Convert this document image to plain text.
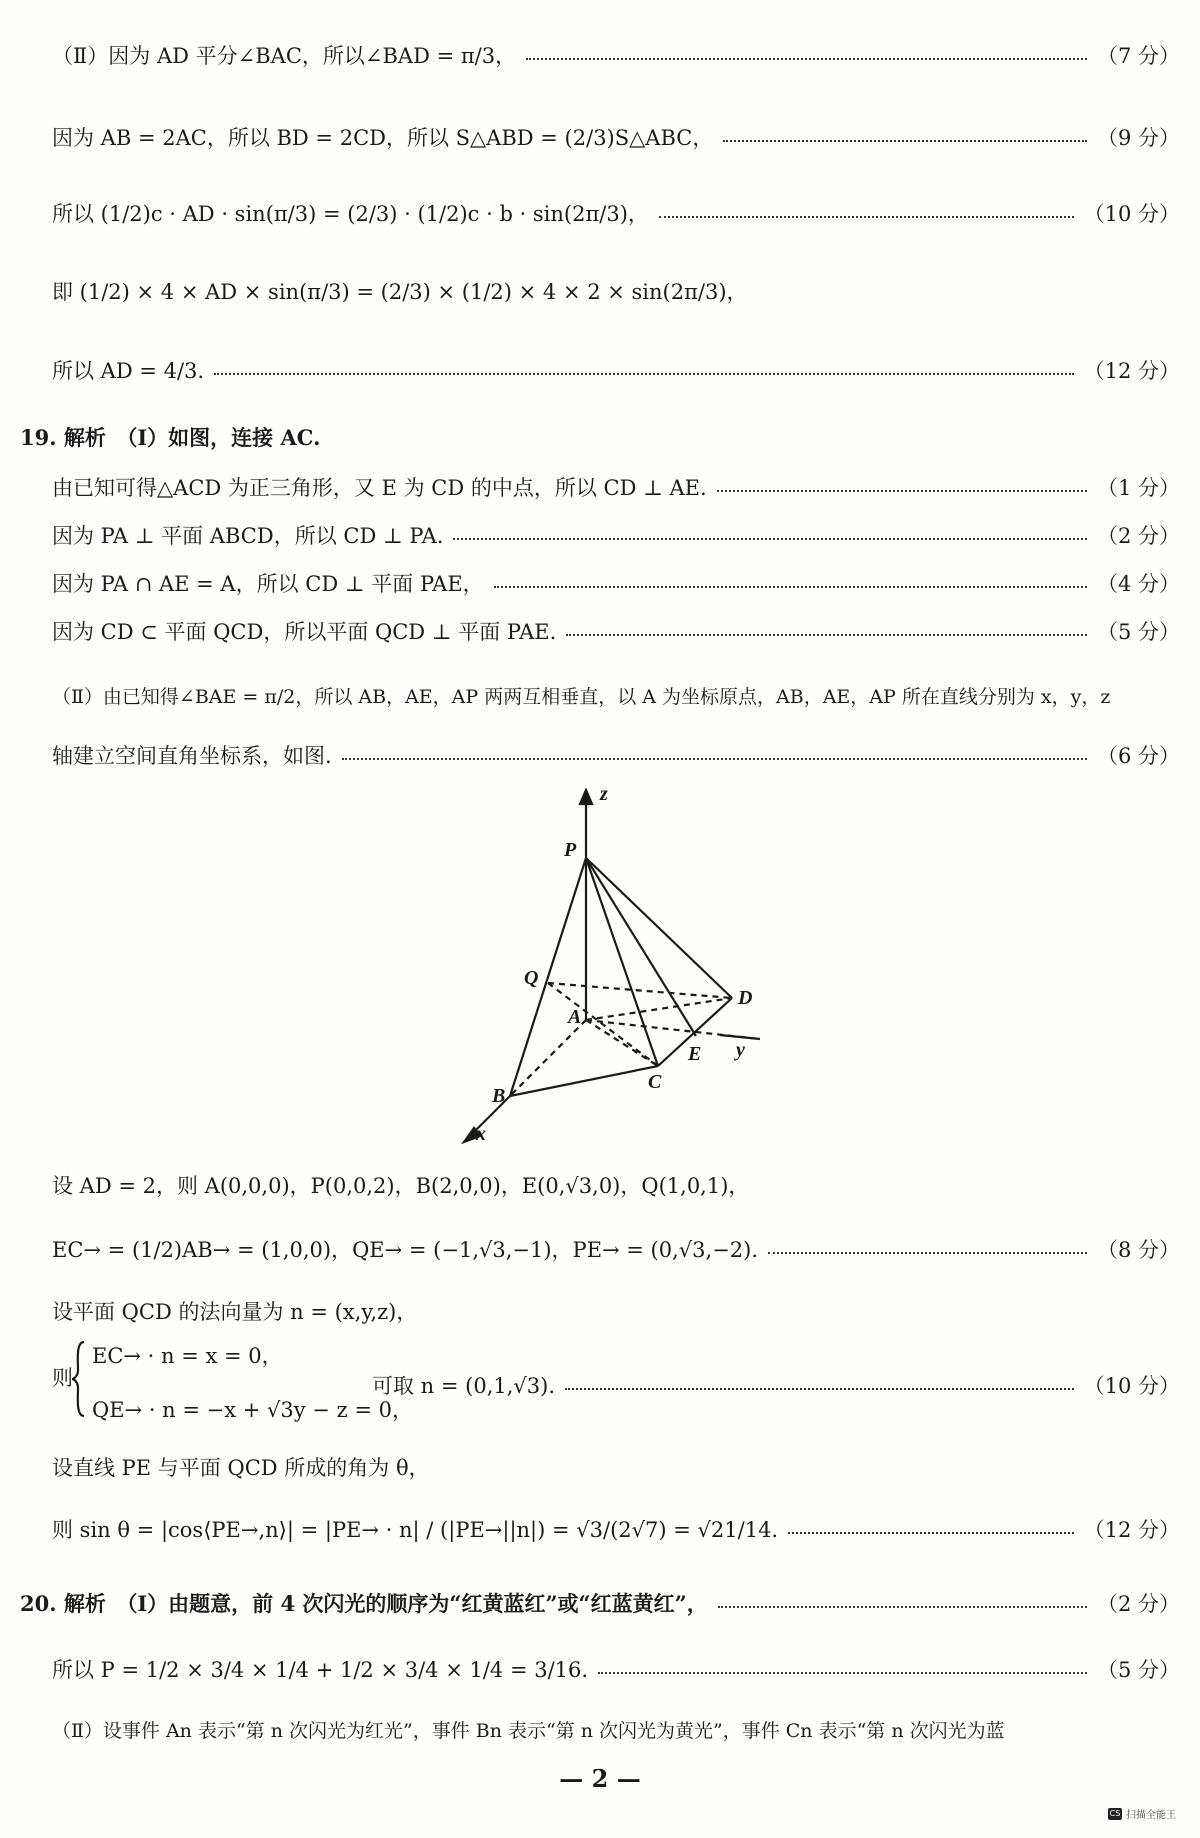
（Ⅱ）因为 AD 平分∠BAC，所以∠BAD = π/3，	（7 分）
因为 AB = 2AC，所以 BD = 2CD，所以 S△ABD = (2/3)S△ABC，	（9 分）
所以 (1/2)c · AD · sin(π/3) = (2/3) · (1/2)c · b · sin(2π/3)，	（10 分）
即 (1/2) × 4 × AD × sin(π/3) = (2/3) × (1/2) × 4 × 2 × sin(2π/3)，
所以 AD = 4/3.	（12 分）
19. 解析　（Ⅰ）如图，连接 AC.
由已知可得△ACD 为正三角形，又 E 为 CD 的中点，所以 CD ⊥ AE.	（1 分）
因为 PA ⊥ 平面 ABCD，所以 CD ⊥ PA.	（2 分）
因为 PA ∩ AE = A，所以 CD ⊥ 平面 PAE，	（4 分）
因为 CD ⊂ 平面 QCD，所以平面 QCD ⊥ 平面 PAE.	（5 分）
（Ⅱ）由已知得∠BAE = π/2，所以 AB，AE，AP 两两互相垂直，以 A 为坐标原点，AB，AE，AP 所在直线分别为 x，y，z
轴建立空间直角坐标系，如图.	（6 分）
z
P
Q
D
A
E y
B
C
x
设 AD = 2，则 A(0,0,0)，P(0,0,2)，B(2,0,0)，E(0,√3,0)，Q(1,0,1)，
EC→ = (1/2)AB→ = (1,0,0)，QE→ = (−1,√3,−1)，PE→ = (0,√3,−2).	（8 分）
设平面 QCD 的法向量为 n = (x,y,z)，
则
EC→ · n = x = 0，
QE→ · n = −x + √3y − z = 0，
可取 n = (0,1,√3).	（10 分）
设直线 PE 与平面 QCD 所成的角为 θ，
则 sin θ = |cos⟨PE→,n⟩| = |PE→ · n| / (|PE→||n|) = √3/(2√7) = √21/14.	（12 分）
20. 解析　（Ⅰ）由题意，前 4 次闪光的顺序为“红黄蓝红”或“红蓝黄红”，	（2 分）
所以 P = 1/2 × 3/4 × 1/4 + 1/2 × 3/4 × 1/4 = 3/16.	（5 分）
（Ⅱ）设事件 An 表示“第 n 次闪光为红光”，事件 Bn 表示“第 n 次闪光为黄光”，事件 Cn 表示“第 n 次闪光为蓝
— 2 —
CS 扫描全能王
